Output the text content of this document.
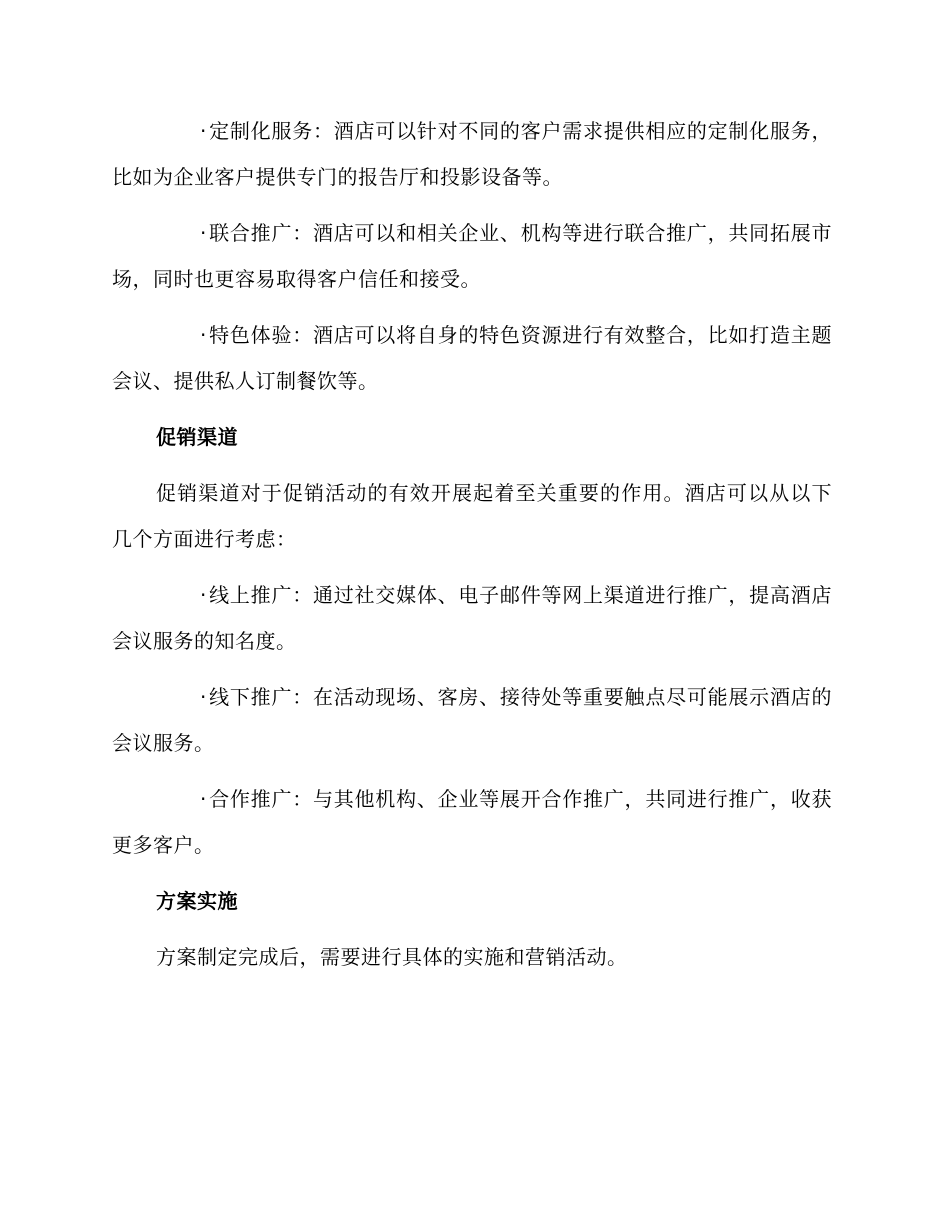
· 定制化服务：酒店可以针对不同的客户需求提供相应的定制化服务，比如为企业客户提供专门的报告厅和投影设备等。

· 联合推广：酒店可以和相关企业、机构等进行联合推广，共同拓展市场，同时也更容易取得客户信任和接受。

· 特色体验：酒店可以将自身的特色资源进行有效整合，比如打造主题会议、提供私人订制餐饮等。

促销渠道

促销渠道对于促销活动的有效开展起着至关重要的作用。酒店可以从以下几个方面进行考虑：

· 线上推广：通过社交媒体、电子邮件等网上渠道进行推广，提高酒店会议服务的知名度。

· 线下推广：在活动现场、客房、接待处等重要触点尽可能展示酒店的会议服务。

· 合作推广：与其他机构、企业等展开合作推广，共同进行推广，收获更多客户。

方案实施

方案制定完成后，需要进行具体的实施和营销活动。
